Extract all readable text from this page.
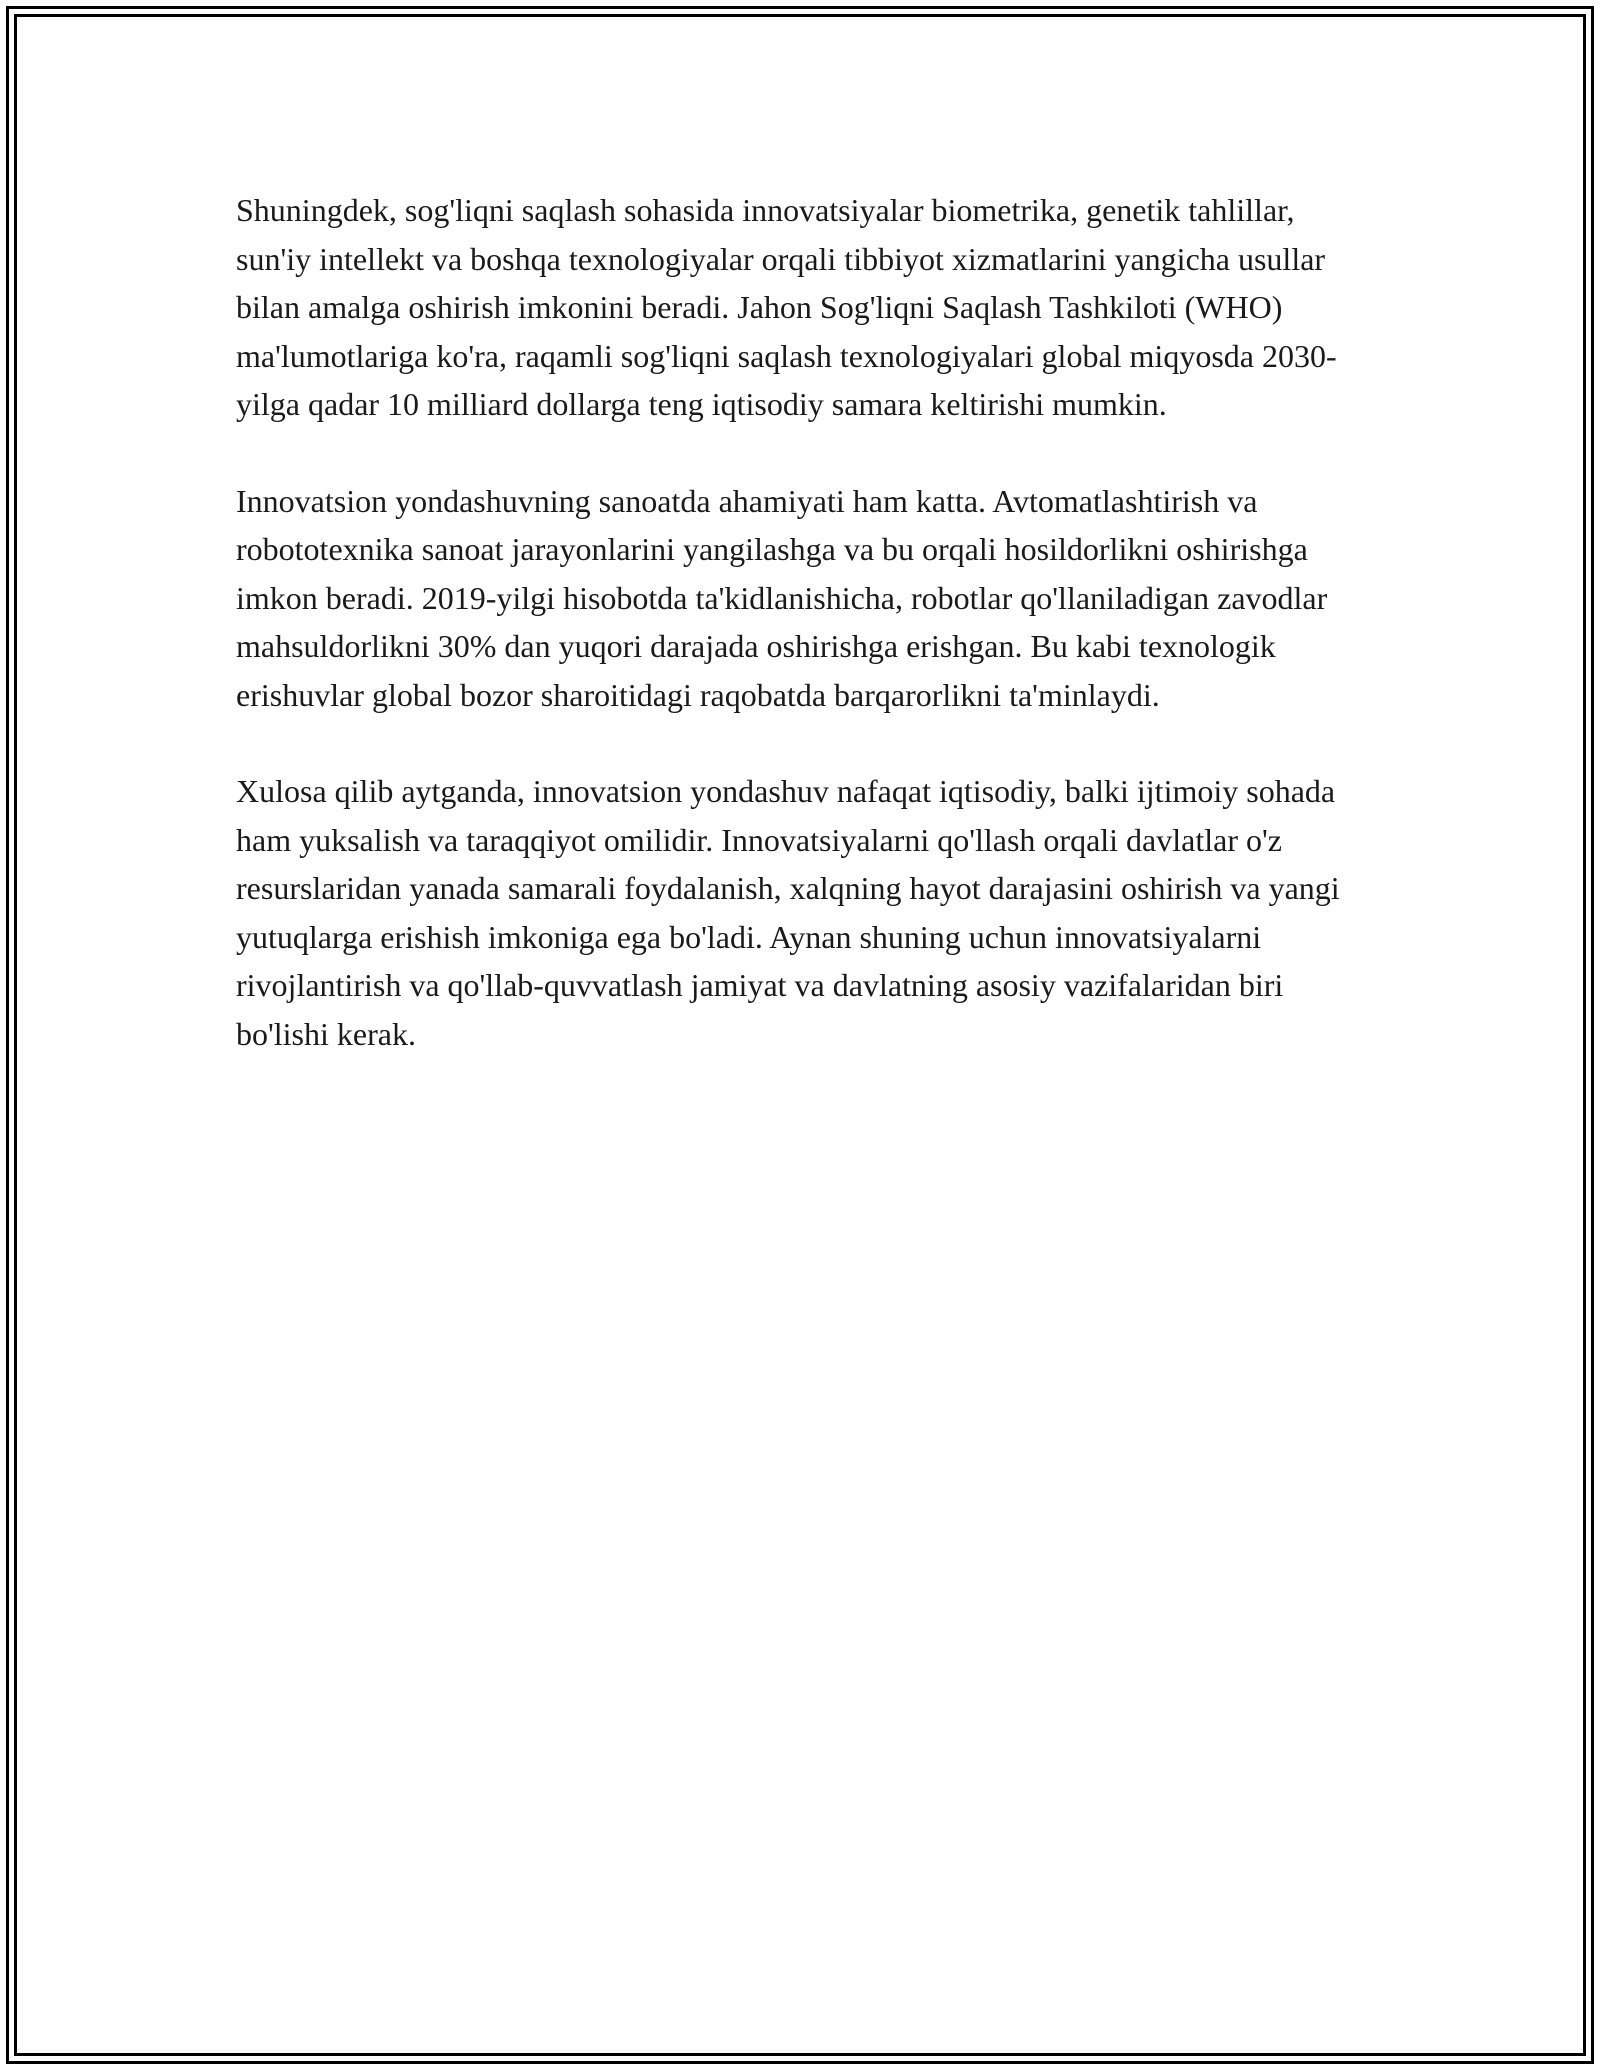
Shuningdek, sog'liqni saqlash sohasida innovatsiyalar biometrika, genetik tahlillar, sun'iy intellekt va boshqa texnologiyalar orqali tibbiyot xizmatlarini yangicha usullar bilan amalga oshirish imkonini beradi. Jahon Sog'liqni Saqlash Tashkiloti (WHO) ma'lumotlariga ko'ra, raqamli sog'liqni saqlash texnologiyalari global miqyosda 2030-yilga qadar 10 milliard dollarga teng iqtisodiy samara keltirishi mumkin.

Innovatsion yondashuvning sanoatda ahamiyati ham katta. Avtomatlashtirish va robototexnika sanoat jarayonlarini yangilashga va bu orqali hosildorlikni oshirishga imkon beradi. 2019-yilgi hisobotda ta'kidlanishicha, robotlar qo'llaniladigan zavodlar mahsuldorlikni 30% dan yuqori darajada oshirishga erishgan. Bu kabi texnologik erishuvlar global bozor sharoitidagi raqobatda barqarorlikni ta'minlaydi.

Xulosa qilib aytganda, innovatsion yondashuv nafaqat iqtisodiy, balki ijtimoiy sohada ham yuksalish va taraqqiyot omilidir. Innovatsiyalarni qo'llash orqali davlatlar o'z resurslaridan yanada samarali foydalanish, xalqning hayot darajasini oshirish va yangi yutuqlarga erishish imkoniga ega bo'ladi. Aynan shuning uchun innovatsiyalarni rivojlantirish va qo'llab-quvvatlash jamiyat va davlatning asosiy vazifalaridan biri bo'lishi kerak.
